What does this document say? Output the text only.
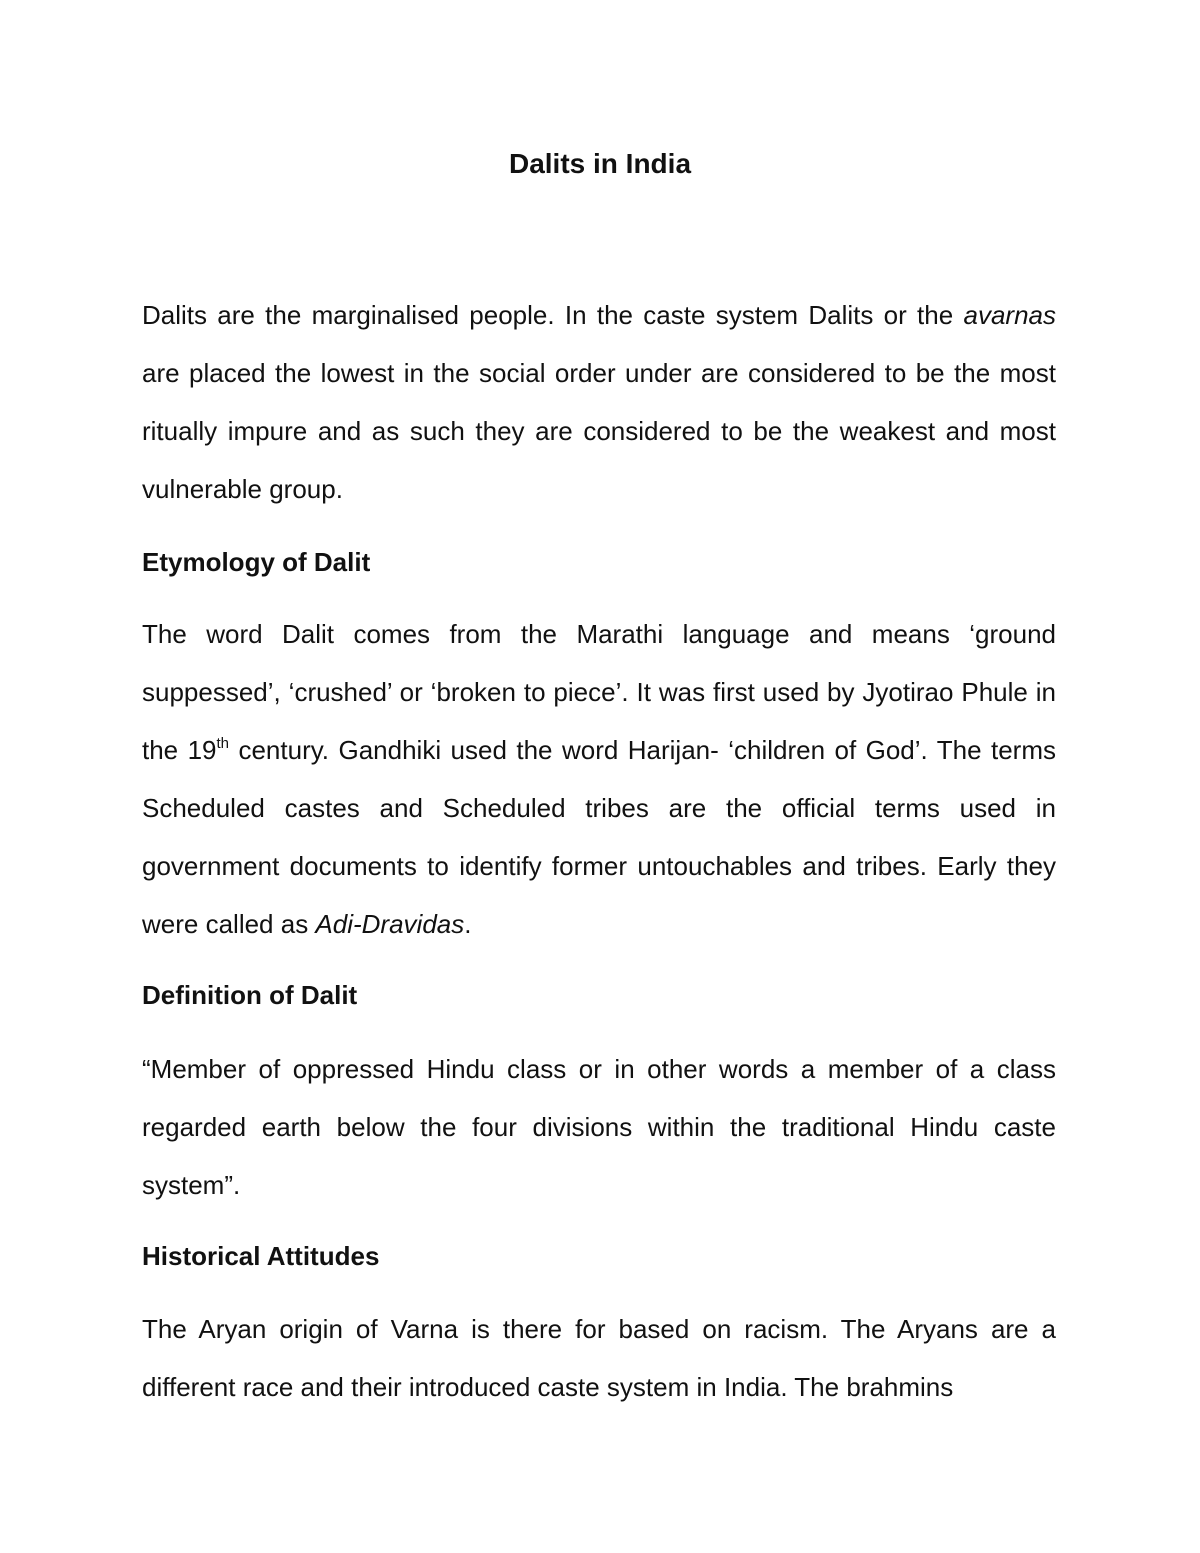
Dalits in India

Dalits are the marginalised people. In the caste system Dalits or the avarnas are placed the lowest in the social order under are considered to be the most ritually impure and as such they are considered to be the weakest and most vulnerable group.

Etymology of Dalit

The word Dalit comes from the Marathi language and means ‘ground suppessed’, ‘crushed’ or ‘broken to piece’. It was first used by Jyotirao Phule in the 19th century. Gandhiki used the word Harijan- ‘children of God’. The terms Scheduled castes and Scheduled tribes are the official terms used in government documents to identify former untouchables and tribes. Early they were called as Adi-Dravidas.

Definition of Dalit

“Member of oppressed Hindu class or in other words a member of a class regarded earth below the four divisions within the traditional Hindu caste system”.

Historical Attitudes

The Aryan origin of Varna is there for based on racism. The Aryans are a different race and their introduced caste system in India. The brahmins
